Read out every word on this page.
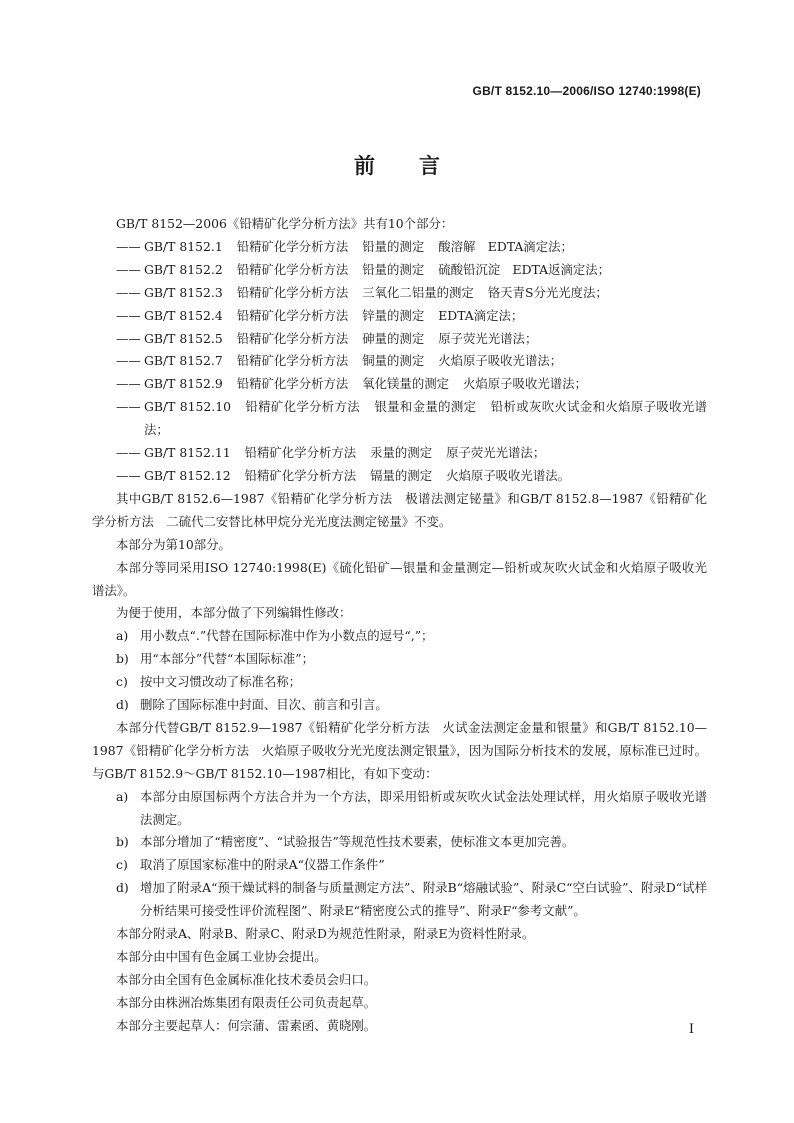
GB/T 8152.10—2006/ISO 12740:1998(E)
前 言

GB/T 8152—2006《铅精矿化学分析方法》共有10个部分：

—— GB/T 8152.1 铅精矿化学分析方法 铅量的测定 酸溶解　EDTA滴定法；
—— GB/T 8152.2 铅精矿化学分析方法 铅量的测定 硫酸铅沉淀　EDTA返滴定法；
—— GB/T 8152.3 铅精矿化学分析方法 三氧化二铝量的测定 铬天青S分光光度法；
—— GB/T 8152.4 铅精矿化学分析方法 锌量的测定 EDTA滴定法；
—— GB/T 8152.5 铅精矿化学分析方法 砷量的测定 原子荧光光谱法；
—— GB/T 8152.7 铅精矿化学分析方法 铜量的测定 火焰原子吸收光谱法；
—— GB/T 8152.9 铅精矿化学分析方法 氧化镁量的测定 火焰原子吸收光谱法；
—— GB/T 8152.10 铅精矿化学分析方法 银量和金量的测定 铅析或灰吹火试金和火焰原子吸收光谱法；
—— GB/T 8152.11 铅精矿化学分析方法 汞量的测定 原子荧光光谱法；
—— GB/T 8152.12 铅精矿化学分析方法 镉量的测定 火焰原子吸收光谱法。

其中GB/T 8152.6—1987《铅精矿化学分析方法　极谱法测定铋量》和GB/T 8152.8—1987《铅精矿化学分析方法　二硫代二安替比林甲烷分光光度法测定铋量》不变。

本部分为第10部分。

本部分等同采用ISO 12740:1998(E)《硫化铅矿—银量和金量测定—铅析或灰吹火试金和火焰原子吸收光谱法》。

为便于使用，本部分做了下列编辑性修改：

a) 用小数点“.”代替在国际标准中作为小数点的逗号“,”；
b) 用“本部分”代替“本国际标准”；
c) 按中文习惯改动了标准名称；
d) 删除了国际标准中封面、目次、前言和引言。

本部分代替GB/T 8152.9—1987《铅精矿化学分析方法　火试金法测定金量和银量》和GB/T 8152.10—1987《铅精矿化学分析方法　火焰原子吸收分光光度法测定银量》，因为国际分析技术的发展，原标准已过时。与GB/T 8152.9～GB/T 8152.10—1987相比，有如下变动：

a) 本部分由原国标两个方法合并为一个方法，即采用铅析或灰吹火试金法处理试样，用火焰原子吸收光谱法测定。
b) 本部分增加了“精密度”、“试验报告”等规范性技术要素，使标准文本更加完善。
c) 取消了原国家标准中的附录A“仪器工作条件”
d) 增加了附录A“预干燥试料的制备与质量测定方法”、附录B“熔融试验”、附录C“空白试验”、附录D“试样分析结果可接受性评价流程图”、附录E“精密度公式的推导”、附录F“参考文献”。

本部分附录A、附录B、附录C、附录D为规范性附录，附录E为资料性附录。

本部分由中国有色金属工业协会提出。

本部分由全国有色金属标准化技术委员会归口。

本部分由株洲冶炼集团有限责任公司负责起草。

本部分主要起草人：何宗蒲、雷素函、黄晓刚。	I
